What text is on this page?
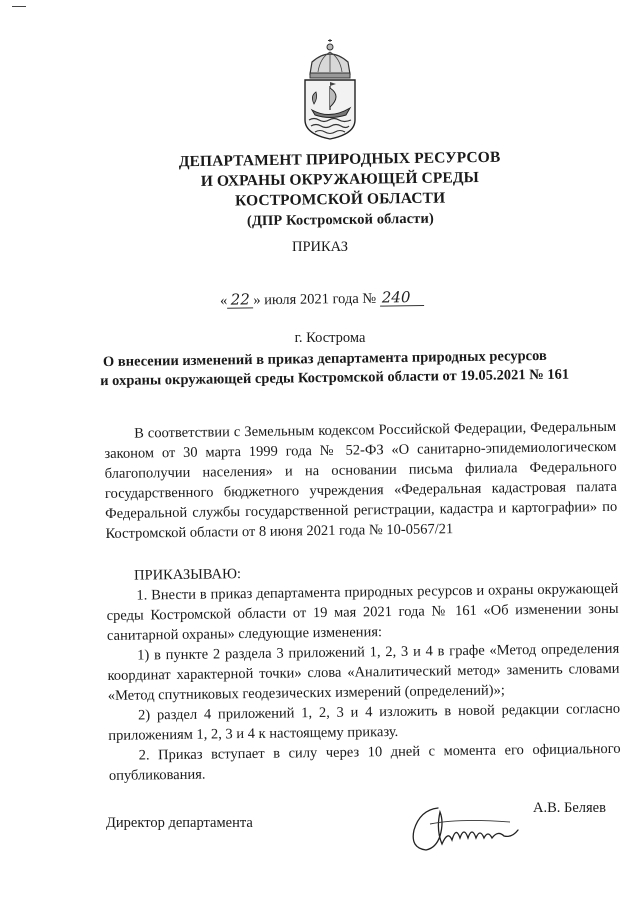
ДЕПАРТАМЕНТ ПРИРОДНЫХ РЕСУРСОВ
И ОХРАНЫ ОКРУЖАЮЩЕЙ СРЕДЫ
КОСТРОМСКОЙ ОБЛАСТИ
(ДПР Костромской области)
ПРИКАЗ
« 22 » июля 2021 года № 240
г. Кострома
О внесении изменений в приказ департамента природных ресурсов
и охраны окружающей среды Костромской области от 19.05.2021 № 161

В соответствии с Земельным кодексом Российской Федерации, Федеральным законом от 30 марта 1999 года № 52-ФЗ «О санитарно-эпидемиологическом благополучии населения» и на основании письма филиала Федерального государственного бюджетного учреждения «Федеральная кадастровая палата Федеральной службы государственной регистрации, кадастра и картографии» по Костромской области от 8 июня 2021 года № 10-0567/21

ПРИКАЗЫВАЮ:

1. Внести в приказ департамента природных ресурсов и охраны окружающей среды Костромской области от 19 мая 2021 года № 161 «Об изменении зоны санитарной охраны» следующие изменения:

1) в пункте 2 раздела 3 приложений 1, 2, 3 и 4 в графе «Метод определения координат характерной точки» слова «Аналитический метод» заменить словами «Метод спутниковых геодезических измерений (определений)»;

2) раздел 4 приложений 1, 2, 3 и 4 изложить в новой редакции согласно приложениям 1, 2, 3 и 4 к настоящему приказу.

2. Приказ вступает в силу через 10 дней с момента его официального опубликования.

Директор департамента
А.В. Беляев
